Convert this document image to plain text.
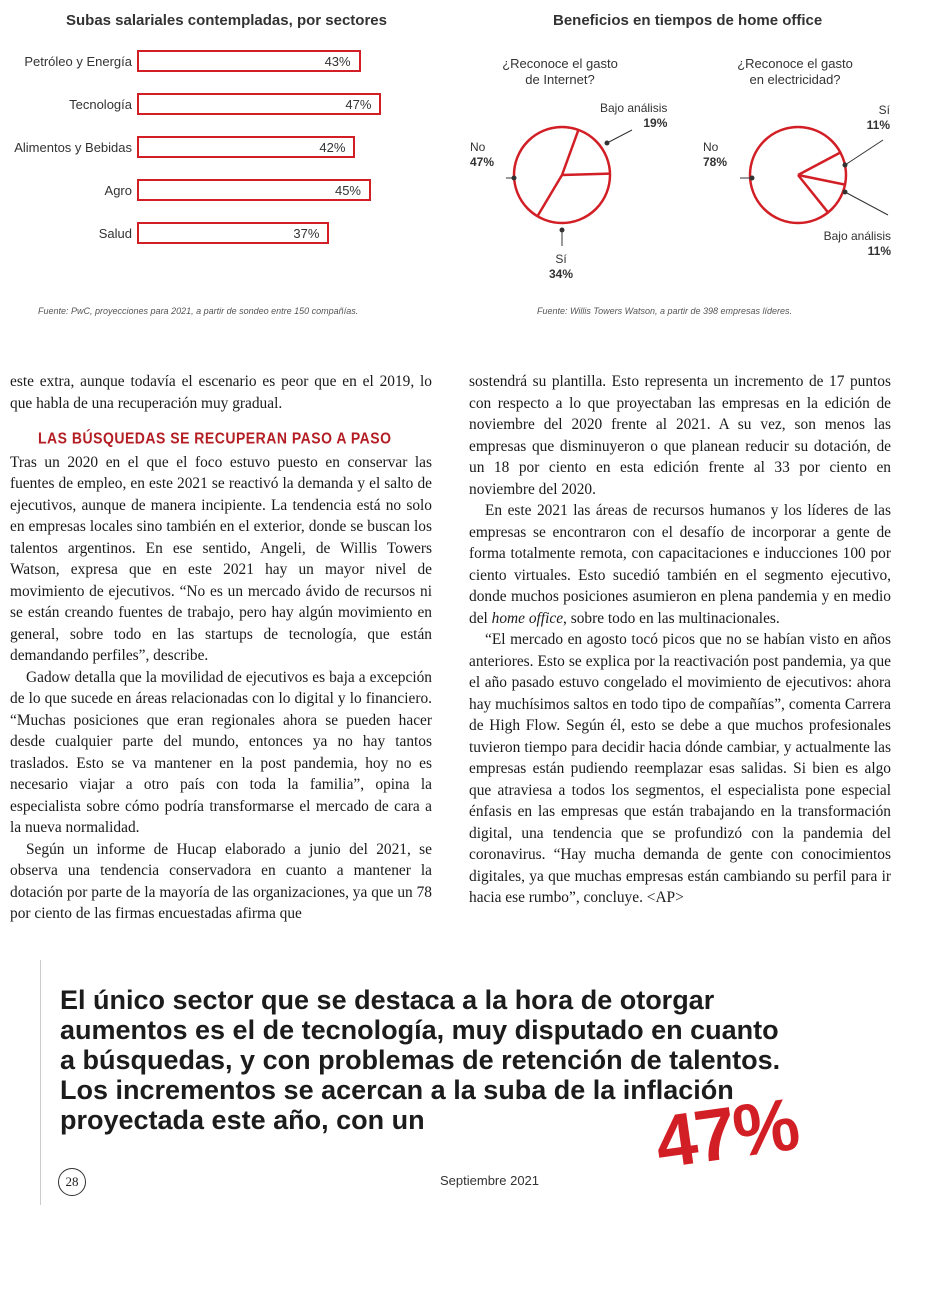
Subas salariales contempladas, por sectores
Petróleo y Energía	43%
Tecnología	47%
Alimentos y Bebidas	42%
Agro	45%
Salud	37%
Fuente: PwC, proyecciones para 2021, a partir de sondeo entre 150 compañías.
Beneficios en tiempos de home office
¿Reconoce el gasto
de Internet?
No
47%
Bajo análisis
19%
Sí
34%
¿Reconoce el gasto
en electricidad?
No
78%
Sí
11%
Bajo análisis
11%
Fuente: Willis Towers Watson, a partir de 398 empresas líderes.

este extra, aunque todavía el escenario es peor que en el 2019, lo que habla de una recuperación muy gradual.

LAS BÚSQUEDAS SE RECUPERAN PASO A PASO

Tras un 2020 en el que el foco estuvo puesto en conservar las fuentes de empleo, en este 2021 se reactivó la demanda y el salto de ejecutivos, aunque de manera incipiente. La tendencia está no solo en empresas locales sino también en el exterior, donde se buscan los talentos argentinos. En ese sentido, Angeli, de Willis Towers Watson, expresa que en este 2021 hay un mayor nivel de movimiento de ejecutivos. “No es un mercado ávido de recursos ni se están creando fuentes de trabajo, pero hay algún movimiento en general, sobre todo en las startups de tecnología, que están demandando perfiles”, describe.

Gadow detalla que la movilidad de ejecutivos es baja a excepción de lo que sucede en áreas relacionadas con lo digital y lo financiero. “Muchas posiciones que eran regionales ahora se pueden hacer desde cualquier parte del mundo, entonces ya no hay tantos traslados. Esto se va mantener en la post pandemia, hoy no es necesario viajar a otro país con toda la familia”, opina la especialista sobre cómo podría transformarse el mercado de cara a la nueva normalidad.

Según un informe de Hucap elaborado a junio del 2021, se observa una tendencia conservadora en cuanto a mantener la dotación por parte de la mayoría de las organizaciones, ya que un 78 por ciento de las firmas encuestadas afirma que

sostendrá su plantilla. Esto representa un incremento de 17 puntos con respecto a lo que proyectaban las empresas en la edición de noviembre del 2020 frente al 2021. A su vez, son menos las empresas que disminuyeron o que planean reducir su dotación, de un 18 por ciento en esta edición frente al 33 por ciento en noviembre del 2020.

En este 2021 las áreas de recursos humanos y los líderes de las empresas se encontraron con el desafío de incorporar a gente de forma totalmente remota, con capacitaciones e inducciones 100 por ciento virtuales. Esto sucedió también en el segmento ejecutivo, donde muchos posiciones asumieron en plena pandemia y en medio del home office, sobre todo en las multinacionales.

“El mercado en agosto tocó picos que no se habían visto en años anteriores. Esto se explica por la reactivación post pandemia, ya que el año pasado estuvo congelado el movimiento de ejecutivos: ahora hay muchísimos saltos en todo tipo de compañías”, comenta Carrera de High Flow. Según él, esto se debe a que muchos profesionales tuvieron tiempo para decidir hacia dónde cambiar, y actualmente las empresas están pudiendo reemplazar esas salidas. Si bien es algo que atraviesa a todos los segmentos, el especialista pone especial énfasis en las empresas que están trabajando en la transformación digital, una tendencia que se profundizó con la pandemia del coronavirus. “Hay mucha demanda de gente con conocimientos digitales, ya que muchas empresas están cambiando su perfil para ir hacia ese rumbo”, concluye. <AP>

El único sector que se destaca a la hora de otorgar aumentos es el de tecnología, muy disputado en cuanto a búsquedas, y con problemas de retención de talentos. Los incrementos se acercan a la suba de la inflación proyectada este año, con un	47%
28	Septiembre 2021
